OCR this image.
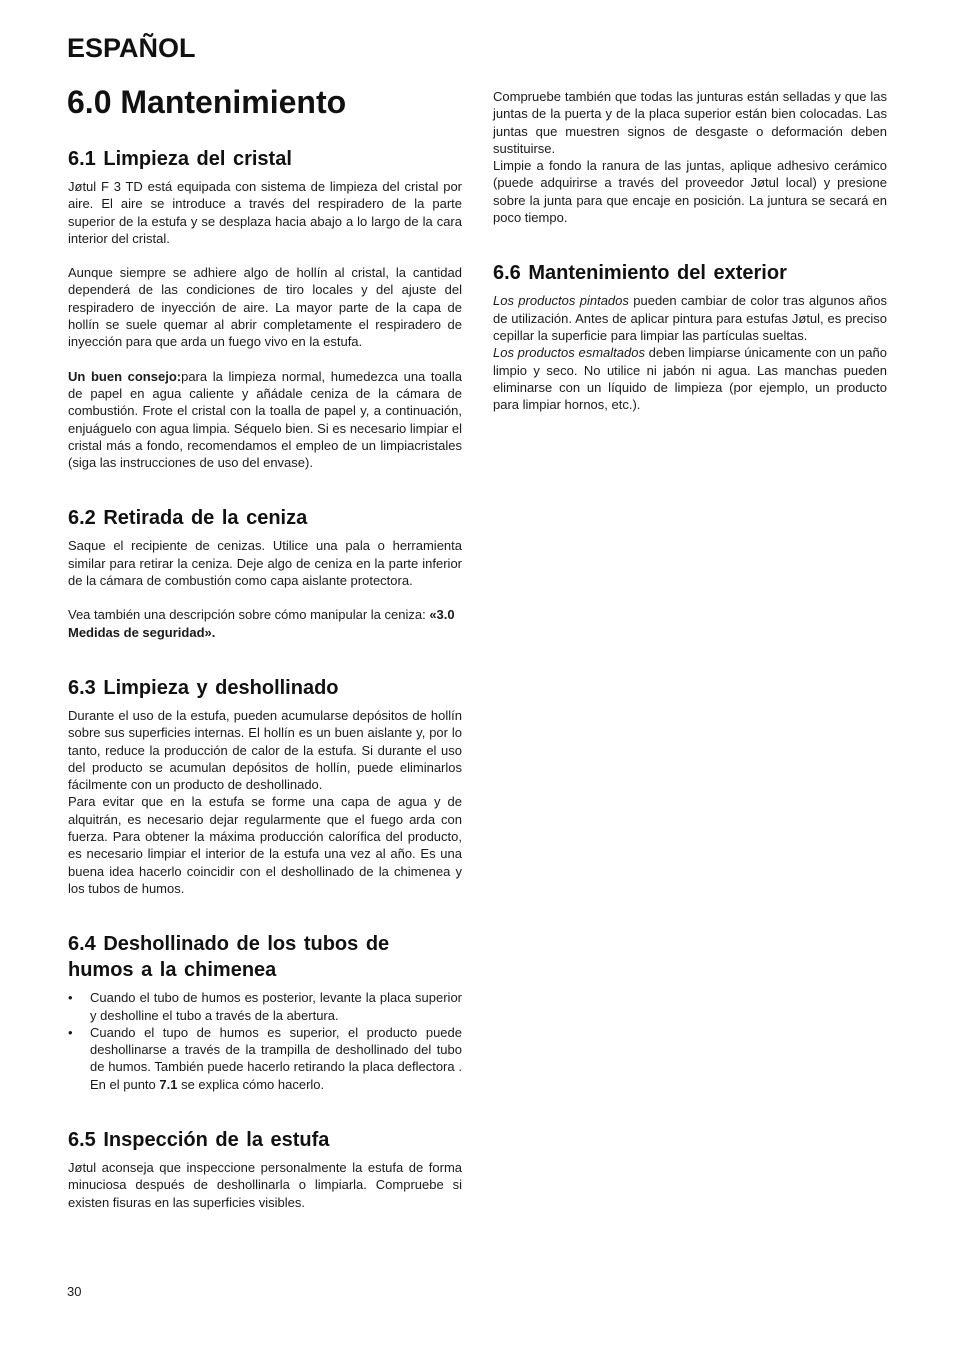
ESPAÑOL
6.0 Mantenimiento
6.1 Limpieza del cristal

Jøtul F 3 TD está equipada con sistema de limpieza del cristal por aire. El aire se introduce a través del respiradero de la parte superior de la estufa y se desplaza hacia abajo a lo largo de la cara interior del cristal.

Aunque siempre se adhiere algo de hollín al cristal, la cantidad dependerá de las condiciones de tiro locales y del ajuste del respiradero de inyección de aire. La mayor parte de la capa de hollín se suele quemar al abrir completamente el respiradero de inyección para que arda un fuego vivo en la estufa.

Un buen consejo:para la limpieza normal, humedezca una toalla de papel en agua caliente y añádale ceniza de la cámara de combustión. Frote el cristal con la toalla de papel y, a continuación, enjuáguelo con agua limpia. Séquelo bien. Si es necesario limpiar el cristal más a fondo, recomendamos el empleo de un limpiacristales (siga las instrucciones de uso del envase).

6.2 Retirada de la ceniza

Saque el recipiente de cenizas. Utilice una pala o herramienta similar para retirar la ceniza. Deje algo de ceniza en la parte inferior de la cámara de combustión como capa aislante protectora.

Vea también una descripción sobre cómo manipular la ceniza: «3.0 Medidas de seguridad».

6.3 Limpieza y deshollinado

Durante el uso de la estufa, pueden acumularse depósitos de hollín sobre sus superficies internas. El hollín es un buen aislante y, por lo tanto, reduce la producción de calor de la estufa. Si durante el uso del producto se acumulan depósitos de hollín, puede eliminarlos fácilmente con un producto de deshollinado.

Para evitar que en la estufa se forme una capa de agua y de alquitrán, es necesario dejar regularmente que el fuego arda con fuerza. Para obtener la máxima producción calorífica del producto, es necesario limpiar el interior de la estufa una vez al año. Es una buena idea hacerlo coincidir con el deshollinado de la chimenea y los tubos de humos.

6.4 Deshollinado de los tubos de humos a la chimenea
• Cuando el tubo de humos es posterior, levante la placa superior y desholline el tubo a través de la abertura.
• Cuando el tupo de humos es superior, el producto puede deshollinarse a través de la trampilla de deshollinado del tubo de humos. También puede hacerlo retirando la placa deflectora . En el punto 7.1 se explica cómo hacerlo.
6.5 Inspección de la estufa

Jøtul aconseja que inspeccione personalmente la estufa de forma minuciosa después de deshollinarla o limpiarla. Compruebe si existen fisuras en las superficies visibles.

Compruebe también que todas las junturas están selladas y que las juntas de la puerta y de la placa superior están bien colocadas. Las juntas que muestren signos de desgaste o deformación deben sustituirse.

Limpie a fondo la ranura de las juntas, aplique adhesivo cerámico (puede adquirirse a través del proveedor Jøtul local) y presione sobre la junta para que encaje en posición. La juntura se secará en poco tiempo.

6.6 Mantenimiento del exterior

Los productos pintados pueden cambiar de color tras algunos años de utilización. Antes de aplicar pintura para estufas Jøtul, es preciso cepillar la superficie para limpiar las partículas sueltas.

Los productos esmaltados deben limpiarse únicamente con un paño limpio y seco. No utilice ni jabón ni agua. Las manchas pueden eliminarse con un líquido de limpieza (por ejemplo, un producto para limpiar hornos, etc.).

30
